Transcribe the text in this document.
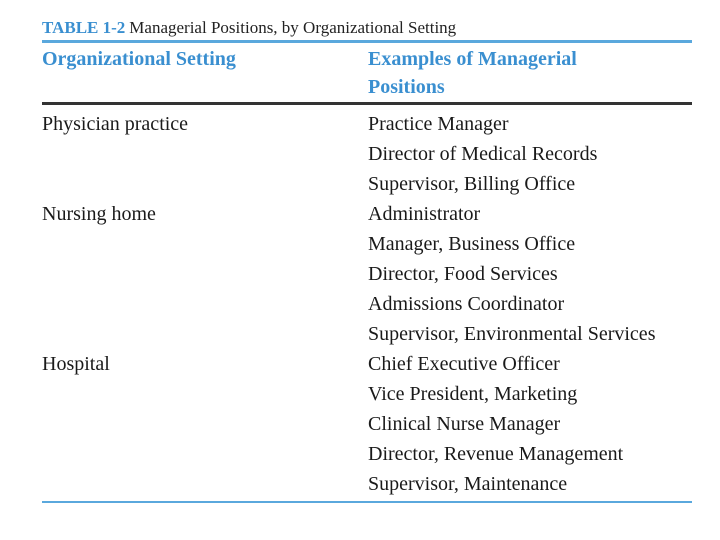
TABLE 1-2 Managerial Positions, by Organizational Setting
Organizational Setting	Examples of Managerial
Positions
Physician practice	Practice Manager
Director of Medical Records
Supervisor, Billing Office
Nursing home	Administrator
Manager, Business Office
Director, Food Services
Admissions Coordinator
Supervisor, Environmental Services
Hospital	Chief Executive Officer
Vice President, Marketing
Clinical Nurse Manager
Director, Revenue Management
Supervisor, Maintenance
